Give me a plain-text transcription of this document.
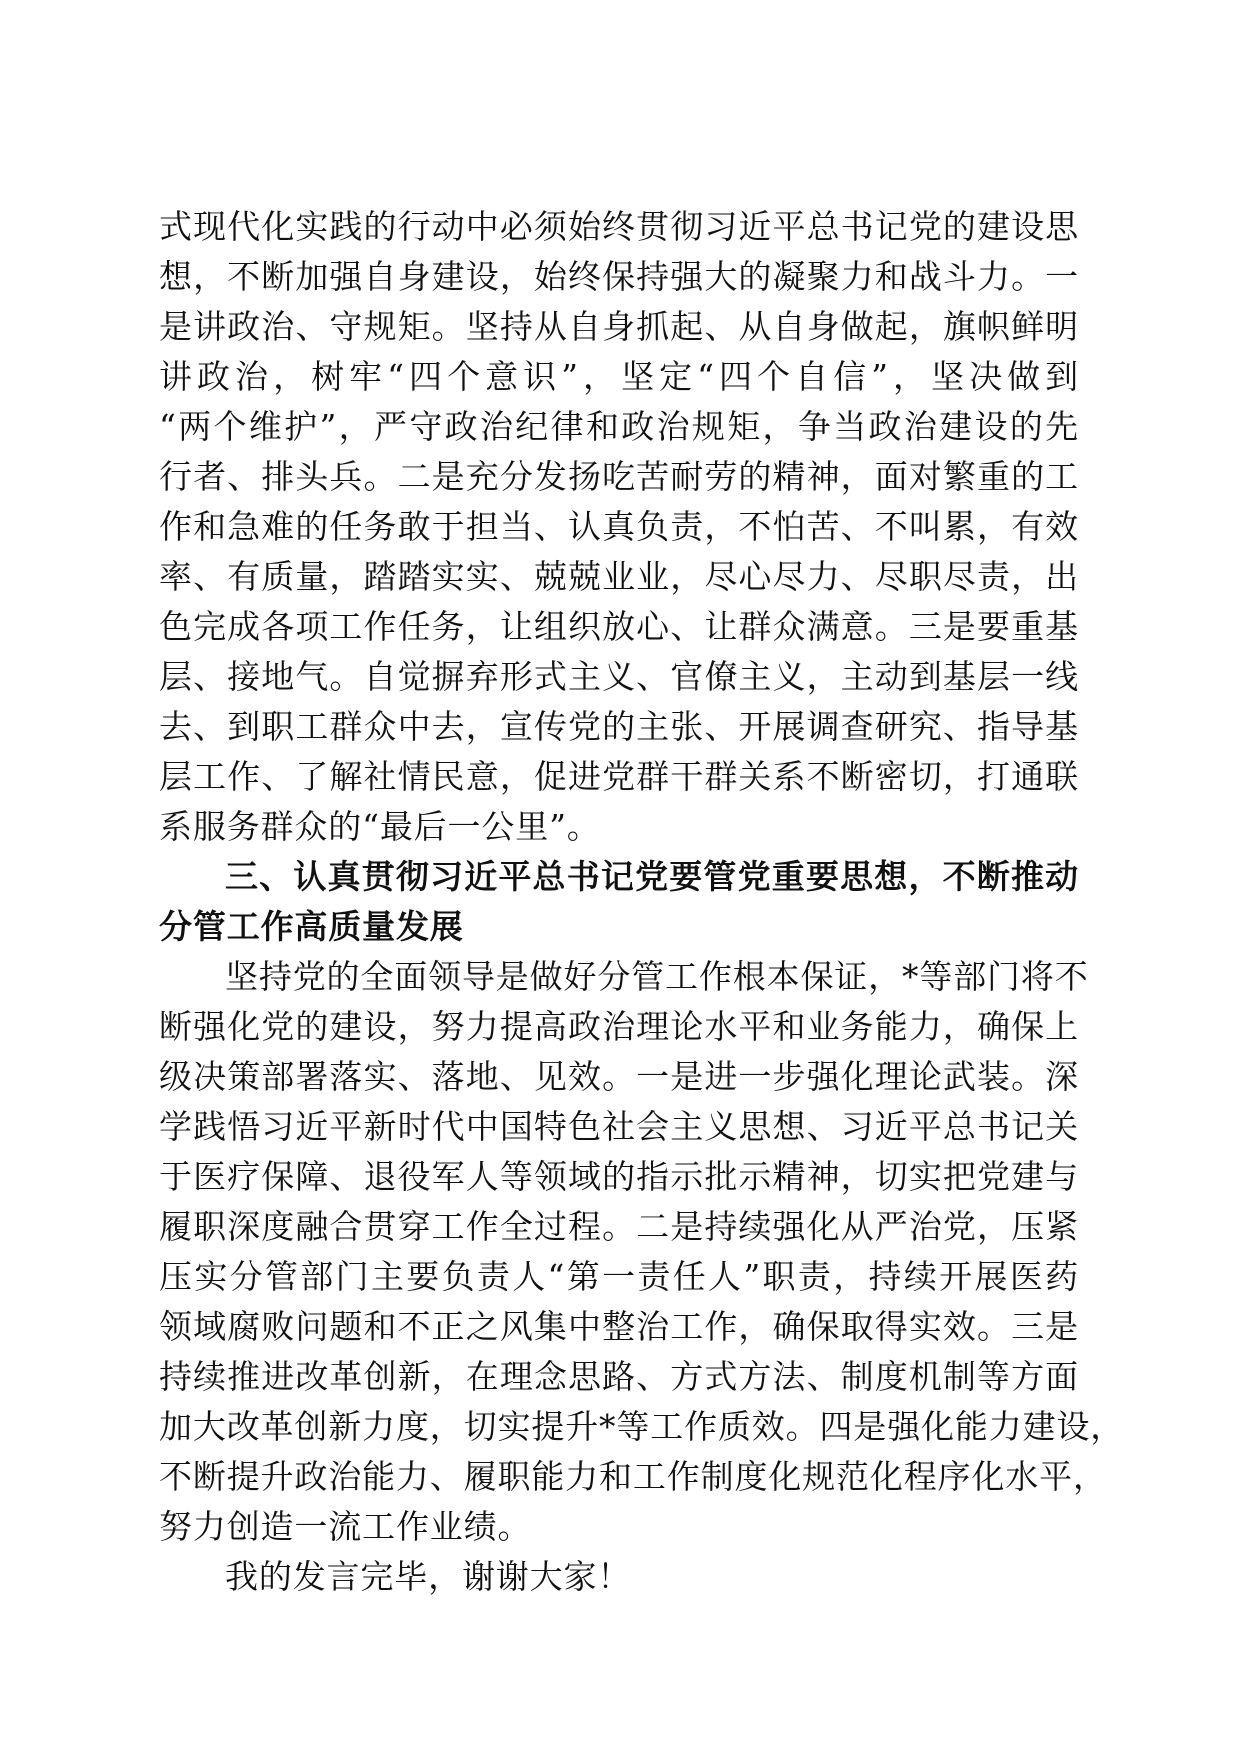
式现代化实践的行动中必须始终贯彻习近平总书记党的建设思
想，不断加强自身建设，始终保持强大的凝聚力和战斗力。一
是讲政治、守规矩。坚持从自身抓起、从自身做起，旗帜鲜明
讲政治，树牢“四个意识”，坚定“四个自信”，坚决做到
“两个维护”，严守政治纪律和政治规矩，争当政治建设的先
行者、排头兵。二是充分发扬吃苦耐劳的精神，面对繁重的工
作和急难的任务敢于担当、认真负责，不怕苦、不叫累，有效
率、有质量，踏踏实实、兢兢业业，尽心尽力、尽职尽责，出
色完成各项工作任务，让组织放心、让群众满意。三是要重基
层、接地气。自觉摒弃形式主义、官僚主义，主动到基层一线
去、到职工群众中去，宣传党的主张、开展调查研究、指导基
层工作、了解社情民意，促进党群干群关系不断密切，打通联
系服务群众的“最后一公里”。
三、认真贯彻习近平总书记党要管党重要思想，不断推动
分管工作高质量发展
坚持党的全面领导是做好分管工作根本保证，*等部门将不
断强化党的建设，努力提高政治理论水平和业务能力，确保上
级决策部署落实、落地、见效。一是进一步强化理论武装。深
学践悟习近平新时代中国特色社会主义思想、习近平总书记关
于医疗保障、退役军人等领域的指示批示精神，切实把党建与
履职深度融合贯穿工作全过程。二是持续强化从严治党，压紧
压实分管部门主要负责人“第一责任人”职责，持续开展医药
领域腐败问题和不正之风集中整治工作，确保取得实效。三是
持续推进改革创新，在理念思路、方式方法、制度机制等方面
加大改革创新力度，切实提升*等工作质效。四是强化能力建设，
不断提升政治能力、履职能力和工作制度化规范化程序化水平，
努力创造一流工作业绩。
我的发言完毕，谢谢大家！
